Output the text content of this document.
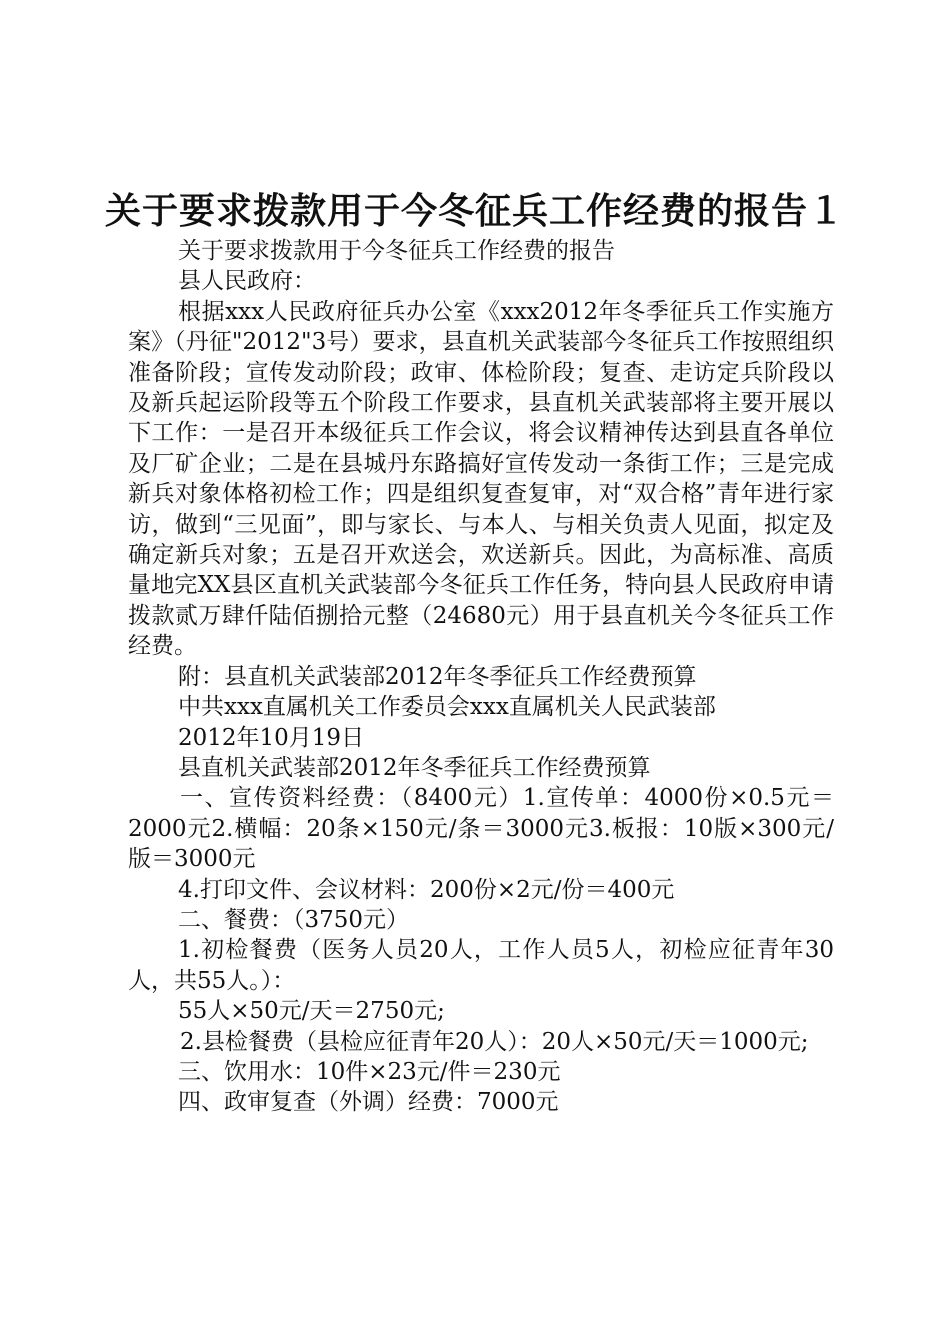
关于要求拨款用于今冬征兵工作经费的报告１

关于要求拨款用于今冬征兵工作经费的报告

县人民政府：

根据xxx人民政府征兵办公室《xxx2012年冬季征兵工作实施方案》（丹征"2012"3号）要求，县直机关武装部今冬征兵工作按照组织准备阶段；宣传发动阶段；政审、体检阶段；复查、走访定兵阶段以及新兵起运阶段等五个阶段工作要求，县直机关武装部将主要开展以下工作：一是召开本级征兵工作会议，将会议精神传达到县直各单位及厂矿企业；二是在县城丹东路搞好宣传发动一条街工作；三是完成新兵对象体格初检工作；四是组织复查复审，对“双合格”青年进行家访，做到“三见面”，即与家长、与本人、与相关负责人见面，拟定及确定新兵对象；五是召开欢送会，欢送新兵。因此，为高标准、高质量地完XX县区直机关武装部今冬征兵工作任务，特向县人民政府申请拨款贰万肆仟陆佰捌拾元整（24680元）用于县直机关今冬征兵工作经费。

附：县直机关武装部2012年冬季征兵工作经费预算

中共xxx直属机关工作委员会xxx直属机关人民武装部

2012年10月19日

县直机关武装部2012年冬季征兵工作经费预算

一、宣传资料经费：（8400元）1.宣传单：4000份×0.5元＝2000元2.横幅：20条×150元/条＝3000元3.板报：10版×300元/版＝3000元

4.打印文件、会议材料：200份×2元/份＝400元

二、餐费：（3750元）

1.初检餐费（医务人员20人，工作人员5人，初检应征青年30人，共55人。）：

55人×50元/天＝2750元;

2.县检餐费（县检应征青年20人）：20人×50元/天＝1000元;

三、饮用水：10件×23元/件＝230元

四、政审复查（外调）经费：7000元
